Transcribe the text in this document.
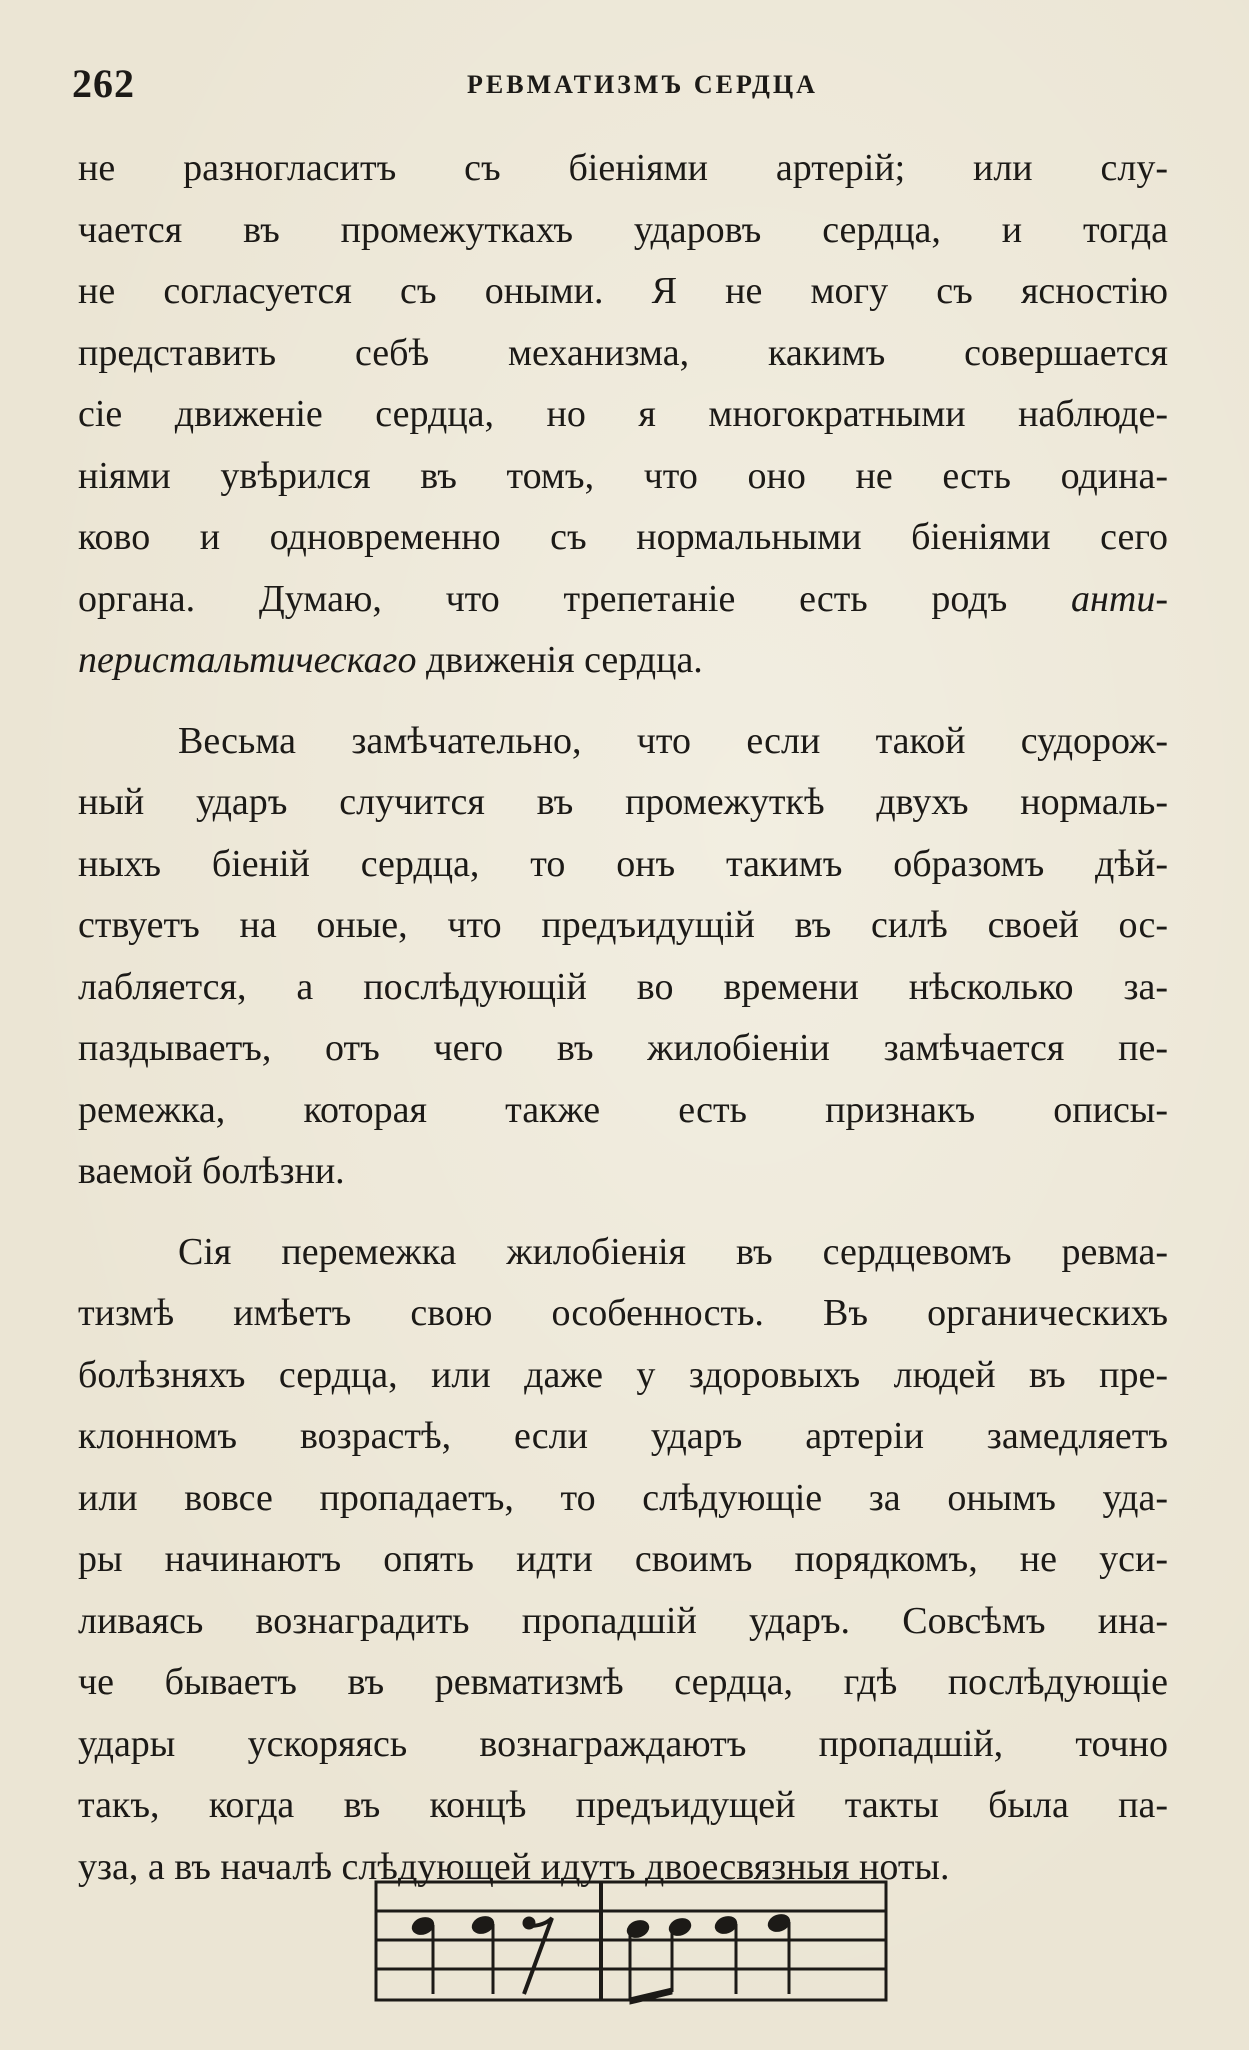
262	РЕВМАТИЗМЪ СЕРДЦА
не разногласитъ съ біеніями артерій; или слу-
чается въ промежуткахъ ударовъ сердца, и тогда
не согласуется съ оными. Я не могу съ ясностію
представить себѣ механизма, какимъ совершается
сіе движеніе сердца, но я многократными наблюде-
ніями увѣрился въ томъ, что оно не есть одина-
ково и одновременно съ нормальными біеніями сего
органа. Думаю, что трепетаніе есть родъ анти-
перистальтическаго движенія сердца.
Весьма замѣчательно, что если такой судорож-
ный ударъ случится въ промежуткѣ двухъ нормаль-
ныхъ біеній сердца, то онъ такимъ образомъ дѣй-
ствуетъ на оные, что предъидущій въ силѣ своей ос-
лабляется, а послѣдующій во времени нѣсколько за-
паздываетъ, отъ чего въ жилобіеніи замѣчается пе-
ремежка, которая также есть признакъ описы-
ваемой болѣзни.
Сія перемежка жилобіенія въ сердцевомъ ревма-
тизмѣ имѣетъ свою особенность. Въ органическихъ
болѣзняхъ сердца, или даже у здоровыхъ людей въ пре-
клонномъ возрастѣ, если ударъ артеріи замедляетъ
или вовсе пропадаетъ, то слѣдующіе за онымъ уда-
ры начинаютъ опять идти своимъ порядкомъ, не уси-
ливаясь вознаградить пропадшій ударъ. Совсѣмъ ина-
че бываетъ въ ревматизмѣ сердца, гдѣ послѣдующіе
удары ускоряясь вознаграждаютъ пропадшій, точно
такъ, когда въ концѣ предъидущей такты была па-
уза, а въ началѣ слѣдующей идутъ двоесвязныя ноты.
